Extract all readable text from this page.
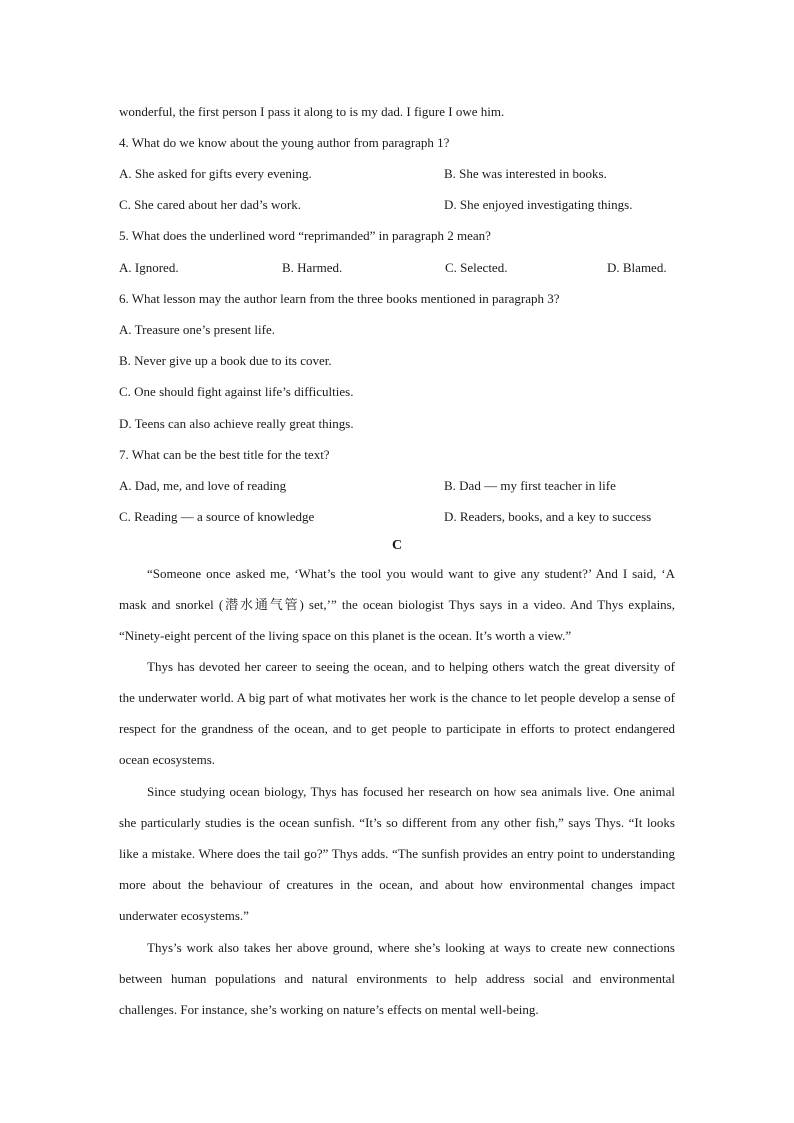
wonderful, the first person I pass it along to is my dad. I figure I owe him.
4. What do we know about the young author from paragraph 1?
A. She asked for gifts every evening.	B. She was interested in books.
C. She cared about her dad’s work.	D. She enjoyed investigating things.
5. What does the underlined word “reprimanded” in paragraph 2 mean?
A. Ignored.	B. Harmed.	C. Selected.	D. Blamed.
6. What lesson may the author learn from the three books mentioned in paragraph 3?
A. Treasure one’s present life.
B. Never give up a book due to its cover.
C. One should fight against life’s difficulties.
D. Teens can also achieve really great things.
7. What can be the best title for the text?
A. Dad, me, and love of reading	B. Dad — my first teacher in life
C. Reading — a source of knowledge	D. Readers, books, and a key to success
C
“Someone once asked me, ‘What’s the tool you would want to give any student?’ And I said, ‘A mask and snorkel (潜水通气管) set,’” the ocean biologist Thys says in a video. And Thys explains, “Ninety-eight percent of the living space on this planet is the ocean. It’s worth a view.”
Thys has devoted her career to seeing the ocean, and to helping others watch the great diversity of the underwater world. A big part of what motivates her work is the chance to let people develop a sense of respect for the grandness of the ocean, and to get people to participate in efforts to protect endangered ocean ecosystems.
Since studying ocean biology, Thys has focused her research on how sea animals live. One animal she particularly studies is the ocean sunfish. “It’s so different from any other fish,” says Thys. “It looks like a mistake. Where does the tail go?” Thys adds. “The sunfish provides an entry point to understanding more about the behaviour of creatures in the ocean, and about how environmental changes impact underwater ecosystems.”
Thys’s work also takes her above ground, where she’s looking at ways to create new connections between human populations and natural environments to help address social and environmental challenges. For instance, she’s working on nature’s effects on mental well-being.
